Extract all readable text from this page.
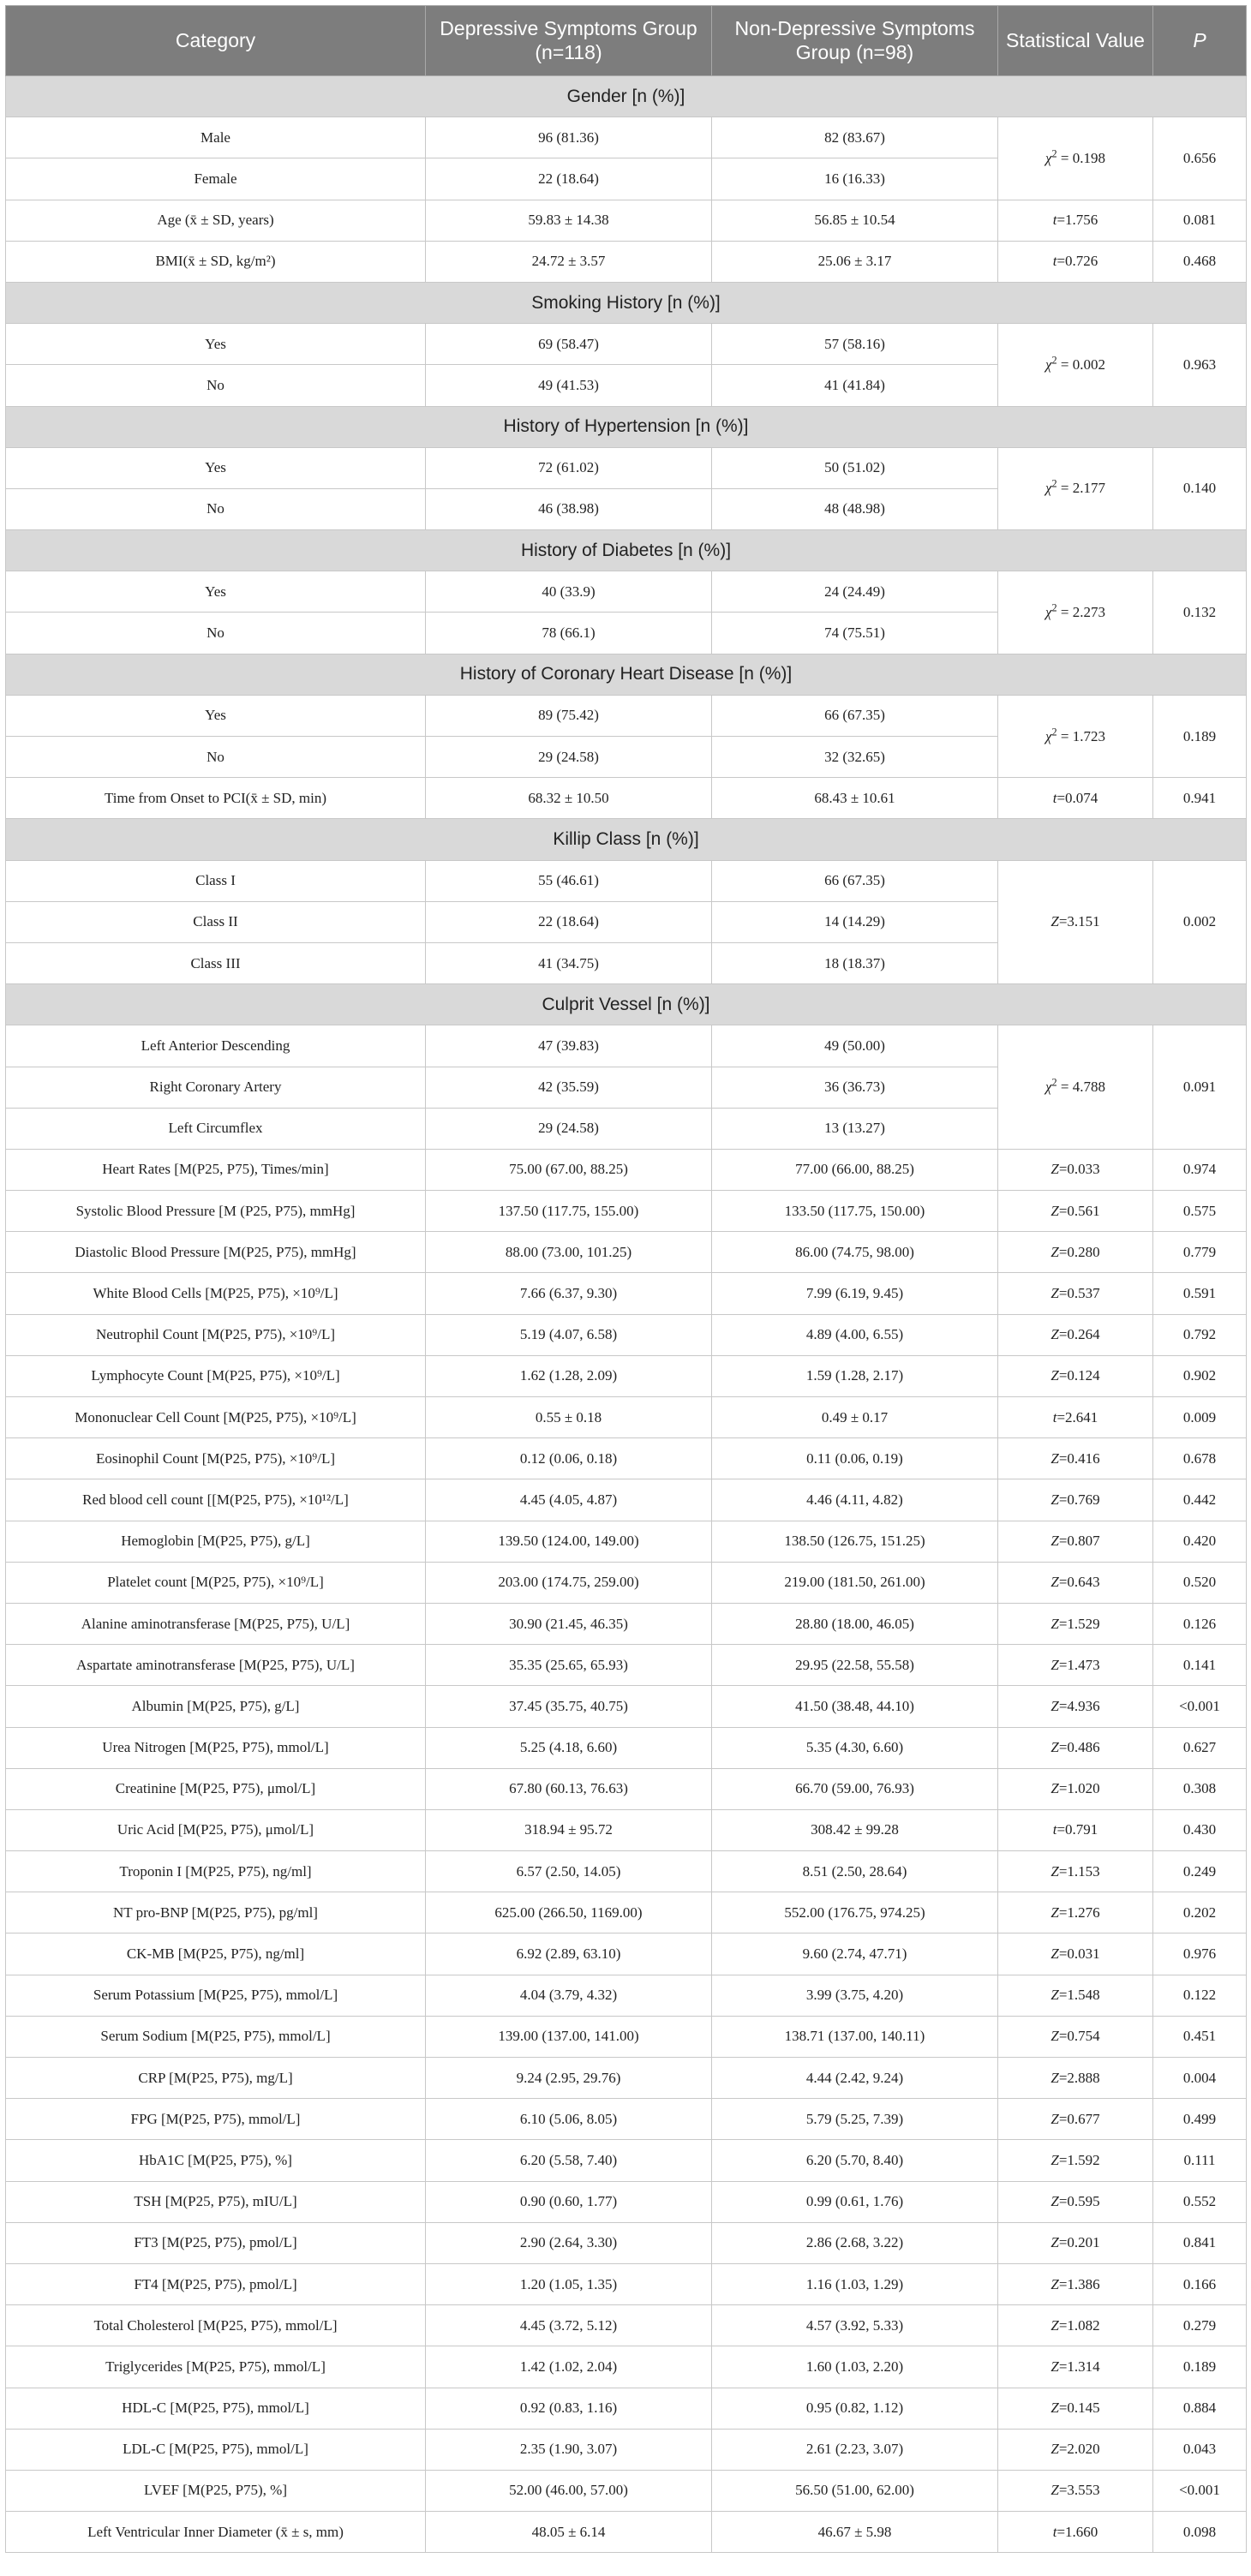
Category	Depressive Symptoms Group (n=118)	Non-Depressive Symptoms Group (n=98)	Statistical Value	P
Gender [n (%)]				
Male	96 (81.36)	82 (83.67)	$\chi^2 = 0.198$	0.656
Female	22 (18.64)	16 (16.33)		
Age (x̄ ± SD, years)	59.83 ± 14.38	56.85 ± 10.54	t=1.756	0.081
BMI(x̄ ± SD, kg/m²)	24.72 ± 3.57	25.06 ± 3.17	t=0.726	0.468
Smoking History [n (%)]				
Yes	69 (58.47)	57 (58.16)	$\chi^2 = 0.002$	0.963
No	49 (41.53)	41 (41.84)		
History of Hypertension [n (%)]				
Yes	72 (61.02)	50 (51.02)	$\chi^2 = 2.177$	0.140
No	46 (38.98)	48 (48.98)		
History of Diabetes [n (%)]				
Yes	40 (33.9)	24 (24.49)	$\chi^2 = 2.273$	0.132
No	78 (66.1)	74 (75.51)		
History of Coronary Heart Disease [n (%)]				
Yes	89 (75.42)	66 (67.35)	$\chi^2 = 1.723$	0.189
No	29 (24.58)	32 (32.65)		
Time from Onset to PCI(x̄ ± SD, min)	68.32 ± 10.50	68.43 ± 10.61	t=0.074	0.941
Killip Class [n (%)]				
Class I	55 (46.61)	66 (67.35)	Z=3.151	0.002
Class II	22 (18.64)	14 (14.29)		
Class III	41 (34.75)	18 (18.37)		
Culprit Vessel [n (%)]				
Left Anterior Descending	47 (39.83)	49 (50.00)	$\chi^2 = 4.788$	0.091
Right Coronary Artery	42 (35.59)	36 (36.73)		
Left Circumflex	29 (24.58)	13 (13.27)		
Heart Rates [M(P25, P75), Times/min]	75.00 (67.00, 88.25)	77.00 (66.00, 88.25)	Z=0.033	0.974
Systolic Blood Pressure [M (P25, P75), mmHg]	137.50 (117.75, 155.00)	133.50 (117.75, 150.00)	Z=0.561	0.575
Diastolic Blood Pressure [M(P25, P75), mmHg]	88.00 (73.00, 101.25)	86.00 (74.75, 98.00)	Z=0.280	0.779
White Blood Cells [M(P25, P75), ×10⁹/L]	7.66 (6.37, 9.30)	7.99 (6.19, 9.45)	Z=0.537	0.591
Neutrophil Count [M(P25, P75), ×10⁹/L]	5.19 (4.07, 6.58)	4.89 (4.00, 6.55)	Z=0.264	0.792
Lymphocyte Count [M(P25, P75), ×10⁹/L]	1.62 (1.28, 2.09)	1.59 (1.28, 2.17)	Z=0.124	0.902
Mononuclear Cell Count [M(P25, P75), ×10⁹/L]	0.55 ± 0.18	0.49 ± 0.17	t=2.641	0.009
Eosinophil Count [M(P25, P75), ×10⁹/L]	0.12 (0.06, 0.18)	0.11 (0.06, 0.19)	Z=0.416	0.678
Red blood cell count [[M(P25, P75), ×10¹²/L]	4.45 (4.05, 4.87)	4.46 (4.11, 4.82)	Z=0.769	0.442
Hemoglobin [M(P25, P75), g/L]	139.50 (124.00, 149.00)	138.50 (126.75, 151.25)	Z=0.807	0.420
Platelet count [M(P25, P75), ×10⁹/L]	203.00 (174.75, 259.00)	219.00 (181.50, 261.00)	Z=0.643	0.520
Alanine aminotransferase [M(P25, P75), U/L]	30.90 (21.45, 46.35)	28.80 (18.00, 46.05)	Z=1.529	0.126
Aspartate aminotransferase [M(P25, P75), U/L]	35.35 (25.65, 65.93)	29.95 (22.58, 55.58)	Z=1.473	0.141
Albumin [M(P25, P75), g/L]	37.45 (35.75, 40.75)	41.50 (38.48, 44.10)	Z=4.936	<0.001
Urea Nitrogen [M(P25, P75), mmol/L]	5.25 (4.18, 6.60)	5.35 (4.30, 6.60)	Z=0.486	0.627
Creatinine [M(P25, P75), μmol/L]	67.80 (60.13, 76.63)	66.70 (59.00, 76.93)	Z=1.020	0.308
Uric Acid [M(P25, P75), μmol/L]	318.94 ± 95.72	308.42 ± 99.28	t=0.791	0.430
Troponin I [M(P25, P75), ng/ml]	6.57 (2.50, 14.05)	8.51 (2.50, 28.64)	Z=1.153	0.249
NT pro-BNP [M(P25, P75), pg/ml]	625.00 (266.50, 1169.00)	552.00 (176.75, 974.25)	Z=1.276	0.202
CK-MB [M(P25, P75), ng/ml]	6.92 (2.89, 63.10)	9.60 (2.74, 47.71)	Z=0.031	0.976
Serum Potassium [M(P25, P75), mmol/L]	4.04 (3.79, 4.32)	3.99 (3.75, 4.20)	Z=1.548	0.122
Serum Sodium [M(P25, P75), mmol/L]	139.00 (137.00, 141.00)	138.71 (137.00, 140.11)	Z=0.754	0.451
CRP [M(P25, P75), mg/L]	9.24 (2.95, 29.76)	4.44 (2.42, 9.24)	Z=2.888	0.004
FPG [M(P25, P75), mmol/L]	6.10 (5.06, 8.05)	5.79 (5.25, 7.39)	Z=0.677	0.499
HbA1C [M(P25, P75), %]	6.20 (5.58, 7.40)	6.20 (5.70, 8.40)	Z=1.592	0.111
TSH [M(P25, P75), mIU/L]	0.90 (0.60, 1.77)	0.99 (0.61, 1.76)	Z=0.595	0.552
FT3 [M(P25, P75), pmol/L]	2.90 (2.64, 3.30)	2.86 (2.68, 3.22)	Z=0.201	0.841
FT4 [M(P25, P75), pmol/L]	1.20 (1.05, 1.35)	1.16 (1.03, 1.29)	Z=1.386	0.166
Total Cholesterol [M(P25, P75), mmol/L]	4.45 (3.72, 5.12)	4.57 (3.92, 5.33)	Z=1.082	0.279
Triglycerides [M(P25, P75), mmol/L]	1.42 (1.02, 2.04)	1.60 (1.03, 2.20)	Z=1.314	0.189
HDL-C [M(P25, P75), mmol/L]	0.92 (0.83, 1.16)	0.95 (0.82, 1.12)	Z=0.145	0.884
LDL-C [M(P25, P75), mmol/L]	2.35 (1.90, 3.07)	2.61 (2.23, 3.07)	Z=2.020	0.043
LVEF [M(P25, P75), %]	52.00 (46.00, 57.00)	56.50 (51.00, 62.00)	Z=3.553	<0.001
Left Ventricular Inner Diameter (x̄ ± s, mm)	48.05 ± 6.14	46.67 ± 5.98	t=1.660	0.098
